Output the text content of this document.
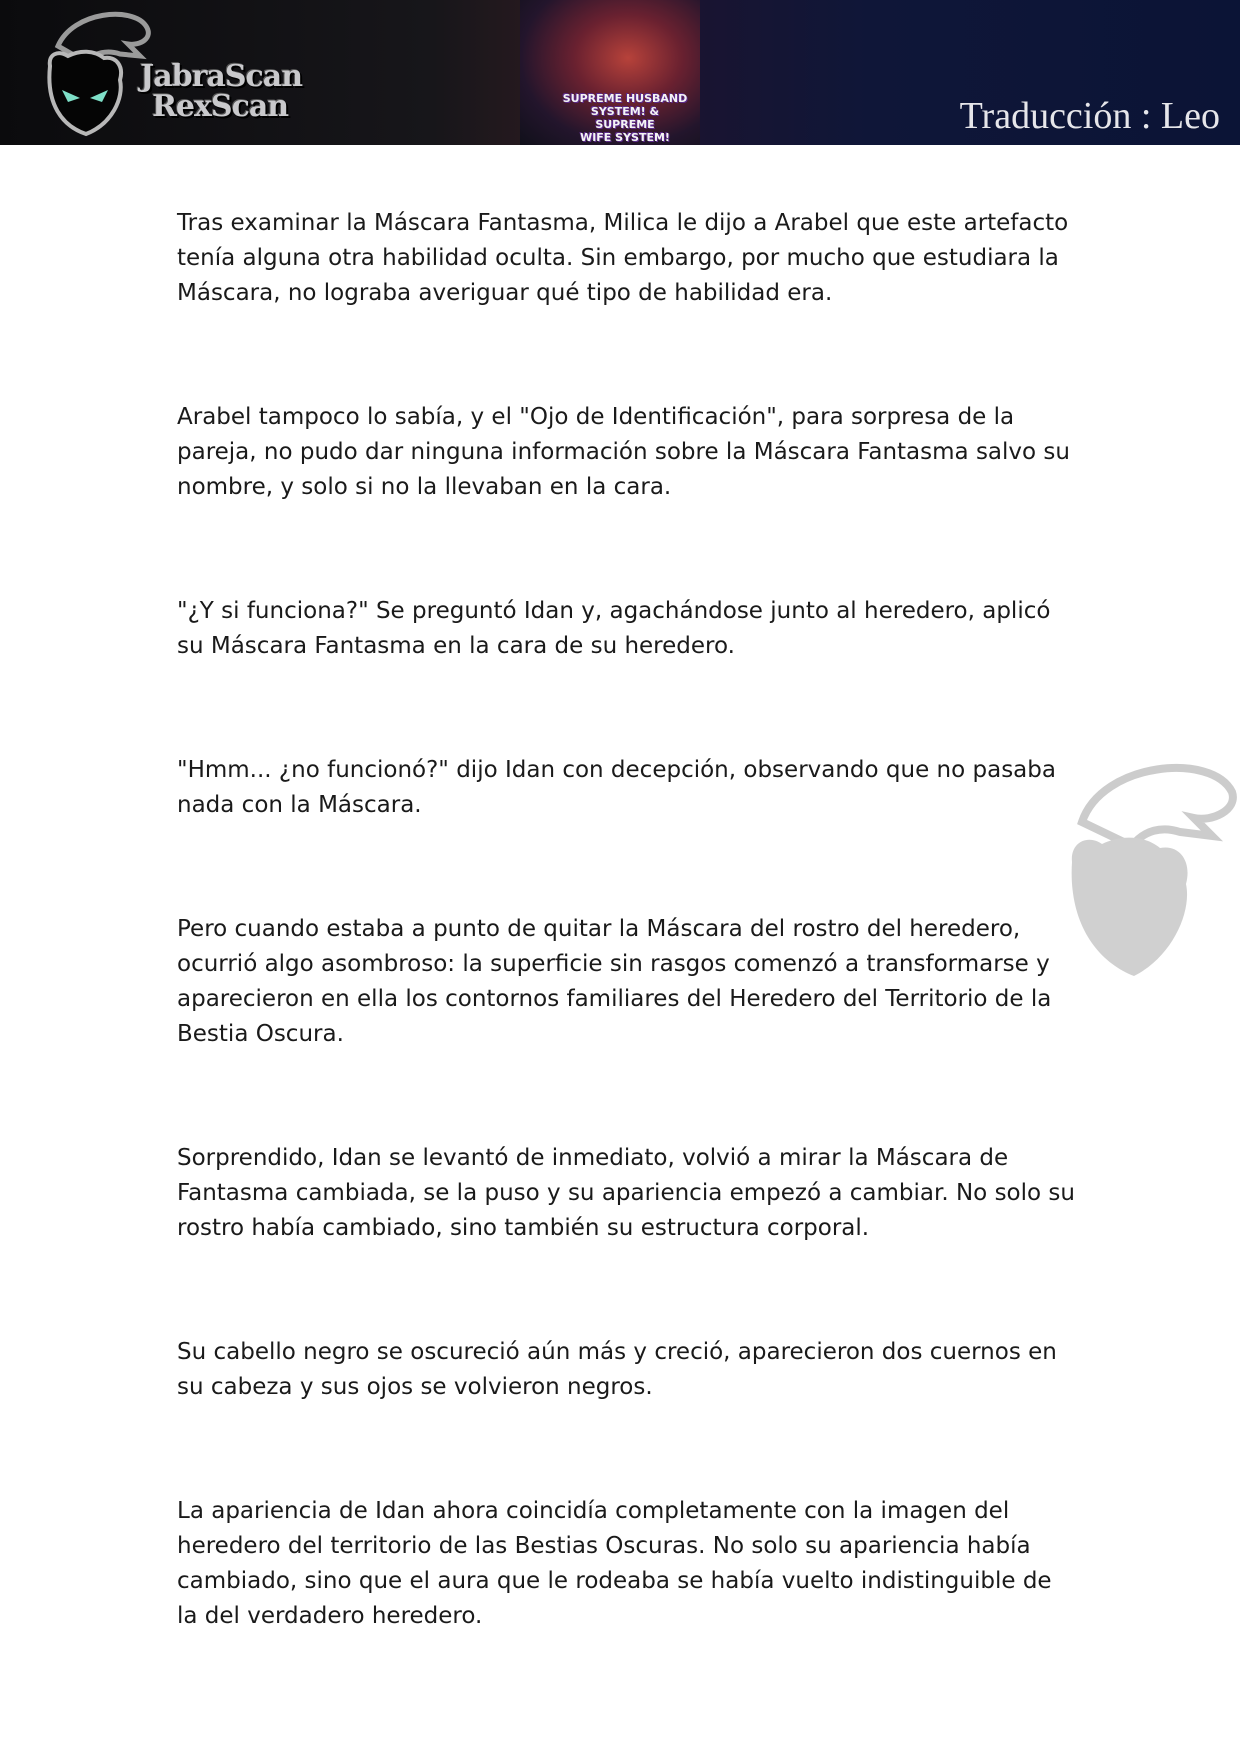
JabraScan
RexScan	SUPREME HUSBAND
SYSTEM! & SUPREME
WIFE SYSTEM!
Traducción : Leo

Tras examinar la Máscara Fantasma, Milica le dijo a Arabel que este artefacto tenía alguna otra habilidad oculta. Sin embargo, por mucho que estudiara la Máscara, no lograba averiguar qué tipo de habilidad era.

Arabel tampoco lo sabía, y el "Ojo de Identificación", para sorpresa de la pareja, no pudo dar ninguna información sobre la Máscara Fantasma salvo su nombre, y solo si no la llevaban en la cara.

"¿Y si funciona?" Se preguntó Idan y, agachándose junto al heredero, aplicó su Máscara Fantasma en la cara de su heredero.

"Hmm... ¿no funcionó?" dijo Idan con decepción, observando que no pasaba nada con la Máscara.

Pero cuando estaba a punto de quitar la Máscara del rostro del heredero, ocurrió algo asombroso: la superficie sin rasgos comenzó a transformarse y aparecieron en ella los contornos familiares del Heredero del Territorio de la Bestia Oscura.

Sorprendido, Idan se levantó de inmediato, volvió a mirar la Máscara de Fantasma cambiada, se la puso y su apariencia empezó a cambiar. No solo su rostro había cambiado, sino también su estructura corporal.

Su cabello negro se oscureció aún más y creció, aparecieron dos cuernos en su cabeza y sus ojos se volvieron negros.

La apariencia de Idan ahora coincidía completamente con la imagen del heredero del territorio de las Bestias Oscuras. No solo su apariencia había cambiado, sino que el aura que le rodeaba se había vuelto indistinguible de la del verdadero heredero.
